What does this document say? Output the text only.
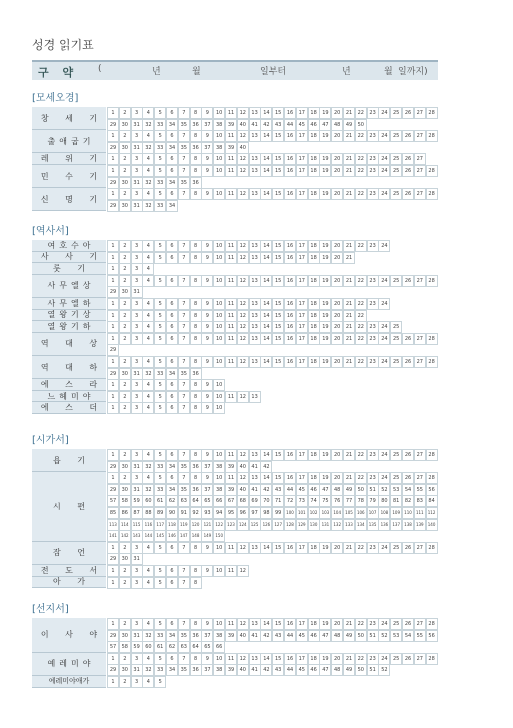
성경 읽기표
구 약 (	년	월	일부터	년	월 일까지)
[모세오경]
창 세 기
1	2	3	4	5	6	7	8	9	10	11	12	13	14	15	16	17	18	19	20	21	22	23	24	25	26	27	28
29	30	31	32	33	34	35	36	37	38	39	40	41	42	43	44	45	46	47	48	49	50
출애굽기
1	2	3	4	5	6	7	8	9	10	11	12	13	14	15	16	17	18	19	20	21	22	23	24	25	26	27	28
29	30	31	32	33	34	35	36	37	38	39	40
레 위 기	1	2	3	4	5	6	7	8	9	10	11	12	13	14	15	16	17	18	19	20	21	22	23	24	25	26	27
민 수 기
1	2	3	4	5	6	7	8	9	10	11	12	13	14	15	16	17	18	19	20	21	22	23	24	25	26	27	28
29	30	31	32	33	34	35	36
신 명 기
1	2	3	4	5	6	7	8	9	10	11	12	13	14	15	16	17	18	19	20	21	22	23	24	25	26	27	28
29	30	31	32	33	34
[역사서]
여호수아	1	2	3	4	5	6	7	8	9	10	11	12	13	14	15	16	17	18	19	20	21	22	23	24
사 사 기	1	2	3	4	5	6	7	8	9	10	11	12	13	14	15	16	17	18	19	20	21
룻 기	1	2	3	4
사무엘상
1	2	3	4	5	6	7	8	9	10	11	12	13	14	15	16	17	18	19	20	21	22	23	24	25	26	27	28
29	30	31
사무엘하	1	2	3	4	5	6	7	8	9	10	11	12	13	14	15	16	17	18	19	20	21	22	23	24
열왕기상	1	2	3	4	5	6	7	8	9	10	11	12	13	14	15	16	17	18	19	20	21	22
열왕기하	1	2	3	4	5	6	7	8	9	10	11	12	13	14	15	16	17	18	19	20	21	22	23	24	25
역 대 상
1	2	3	4	5	6	7	8	9	10	11	12	13	14	15	16	17	18	19	20	21	22	23	24	25	26	27	28
29
역 대 하
1	2	3	4	5	6	7	8	9	10	11	12	13	14	15	16	17	18	19	20	21	22	23	24	25	26	27	28
29	30	31	32	33	34	35	36
에 스 라	1	2	3	4	5	6	7	8	9	10
느헤미야	1	2	3	4	5	6	7	8	9	10	11	12	13
에 스 더	1	2	3	4	5	6	7	8	9	10
[시가서]
욥 기
1	2	3	4	5	6	7	8	9	10	11	12	13	14	15	16	17	18	19	20	21	22	23	24	25	26	27	28
29	30	31	32	33	34	35	36	37	38	39	40	41	42
시 편
1	2	3	4	5	6	7	8	9	10	11	12	13	14	15	16	17	18	19	20	21	22	23	24	25	26	27	28
29	30	31	32	33	34	35	36	37	38	39	40	41	42	43	44	45	46	47	48	49	50	51	52	53	54	55	56
57	58	59	60	61	62	63	64	65	66	67	68	69	70	71	72	73	74	75	76	77	78	79	80	81	82	83	84
85	86	87	88	89	90	91	92	93	94	95	96	97	98	99	100	101	102	103	104	105	106	107	108	109	110	111	112
113	114	115	116	117	118	119	120	121	122	123	124	125	126	127	128	129	130	131	132	133	134	135	136	137	138	139	140
141	142	143	144	145	146	147	148	149	150
잠 언
1	2	3	4	5	6	7	8	9	10	11	12	13	14	15	16	17	18	19	20	21	22	23	24	25	26	27	28
29	30	31
전 도 서	1	2	3	4	5	6	7	8	9	10	11	12
아 가	1	2	3	4	5	6	7	8
[선지서]
이 사 야
1	2	3	4	5	6	7	8	9	10	11	12	13	14	15	16	17	18	19	20	21	22	23	24	25	26	27	28
29	30	31	32	33	34	35	36	37	38	39	40	41	42	43	44	45	46	47	48	49	50	51	52	53	54	55	56
57	58	59	60	61	62	63	64	65	66
예레미야
1	2	3	4	5	6	7	8	9	10	11	12	13	14	15	16	17	18	19	20	21	22	23	24	25	26	27	28
29	30	31	32	33	34	35	36	37	38	39	40	41	42	43	44	45	46	47	48	49	50	51	52
예레미야애가	1	2	3	4	5
